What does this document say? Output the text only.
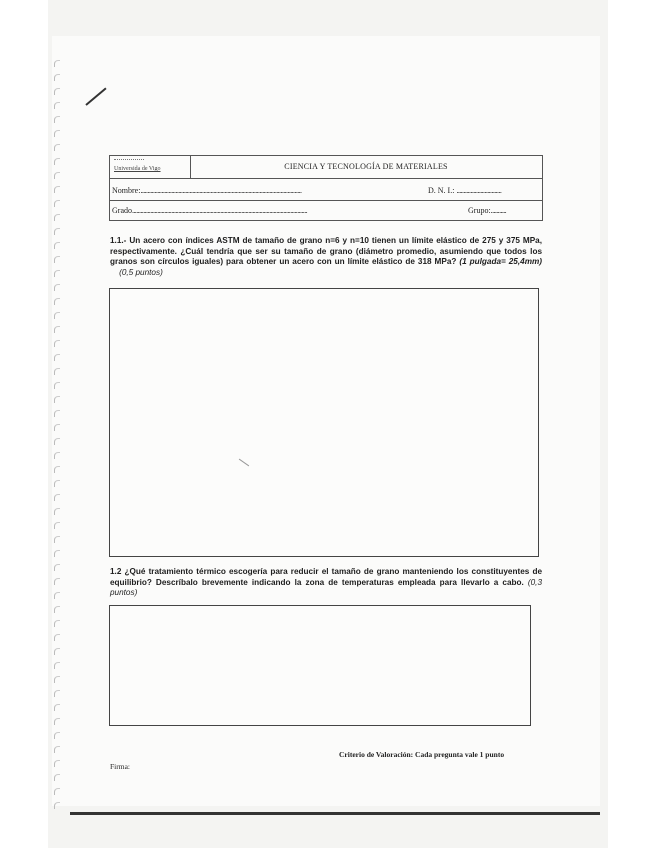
Universida de Vigo	CIENCIA Y TECNOLOGÍA DE MATERIALES
Nombre:...................................................................................................................	D. N. I.: ................................
Grado.............................................................................................................................	Grupo:...........
1.1.- Un acero con índices ASTM de tamaño de grano n=6 y n=10 tienen un límite elástico de 275 y 375 MPa, respectivamente. ¿Cuál tendría que ser su tamaño de grano (diámetro promedio, asumiendo que todos los granos son círculos iguales) para obtener un acero con un límite elástico de 318 MPa? (1 pulgada= 25,4mm)     (0,5 puntos)
1.2 ¿Qué tratamiento térmico escogería para reducir el tamaño de grano manteniendo los constituyentes de equilibrio? Descríbalo brevemente indicando la zona de temperaturas empleada para llevarlo a cabo. (0,3 puntos)
Criterio de Valoración: Cada pregunta vale 1 punto
Firma:
